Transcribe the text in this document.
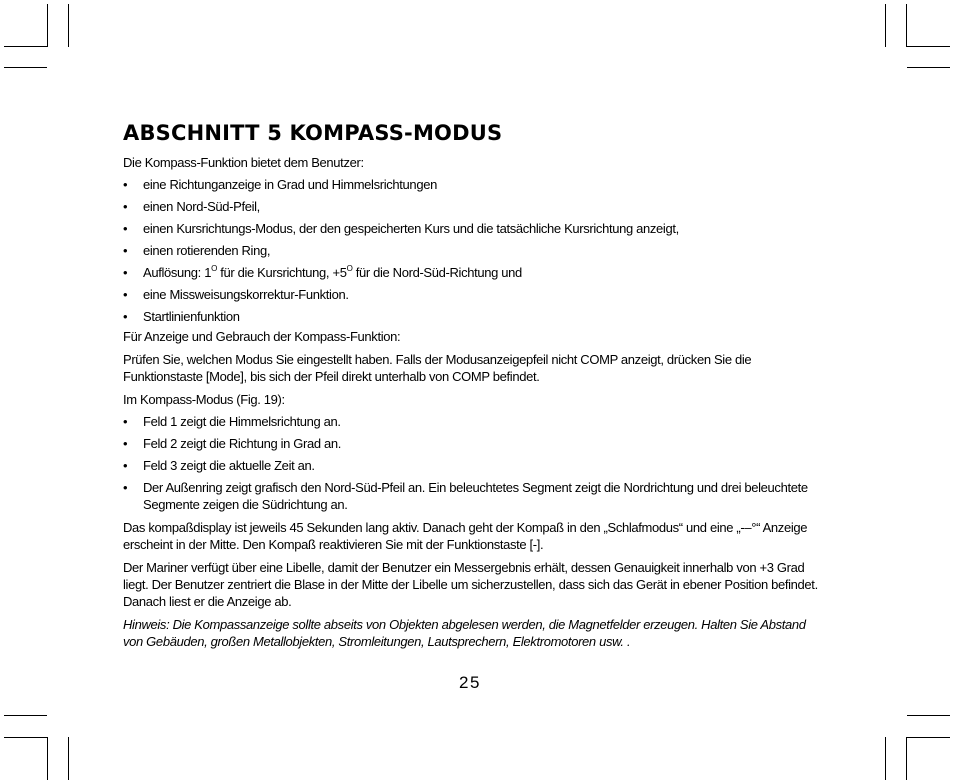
ABSCHNITT 5 KOMPASS-MODUS

Die Kompass-Funktion bietet dem Benutzer:

• eine Richtunganzeige in Grad und Himmelsrichtungen
• einen Nord-Süd-Pfeil,
• einen Kursrichtungs-Modus, der den gespeicherten Kurs und die tatsächliche Kursrichtung anzeigt,
• einen rotierenden Ring,
• Auflösung: $1^O$ für die Kursrichtung, $+5^O$ für die Nord-Süd-Richtung und
• eine Missweisungskorrektur-Funktion.
• Startlinienfunktion

Für Anzeige und Gebrauch der Kompass-Funktion:

Prüfen Sie, welchen Modus Sie eingestellt haben. Falls der Modusanzeigepfeil nicht COMP anzeigt, drücken Sie die Funktionstaste [Mode], bis sich der Pfeil direkt unterhalb von COMP befindet.

Im Kompass-Modus (Fig. 19):

• Feld 1 zeigt die Himmelsrichtung an.
• Feld 2 zeigt die Richtung in Grad an.
• Feld 3 zeigt die aktuelle Zeit an.
• Der Außenring zeigt grafisch den Nord-Süd-Pfeil an. Ein beleuchtetes Segment zeigt die Nordrichtung und drei beleuchtete Segmente zeigen die Südrichtung an.

Das kompaßdisplay ist jeweils 45 Sekunden lang aktiv. Danach geht der Kompaß in den „Schlafmodus“ und eine „-–°“ Anzeige erscheint in der Mitte. Den Kompaß reaktivieren Sie mit der Funktionstaste [-].

Der Mariner verfügt über eine Libelle, damit der Benutzer ein Messergebnis erhält, dessen Genauigkeit innerhalb von +3 Grad liegt. Der Benutzer zentriert die Blase in der Mitte der Libelle um sicherzustellen, dass sich das Gerät in ebener Position befindet. Danach liest er die Anzeige ab.

Hinweis: Die Kompassanzeige sollte abseits von Objekten abgelesen werden, die Magnetfelder erzeugen. Halten Sie Abstand von Gebäuden, großen Metallobjekten, Stromleitungen, Lautsprechern, Elektromotoren usw. .

25
